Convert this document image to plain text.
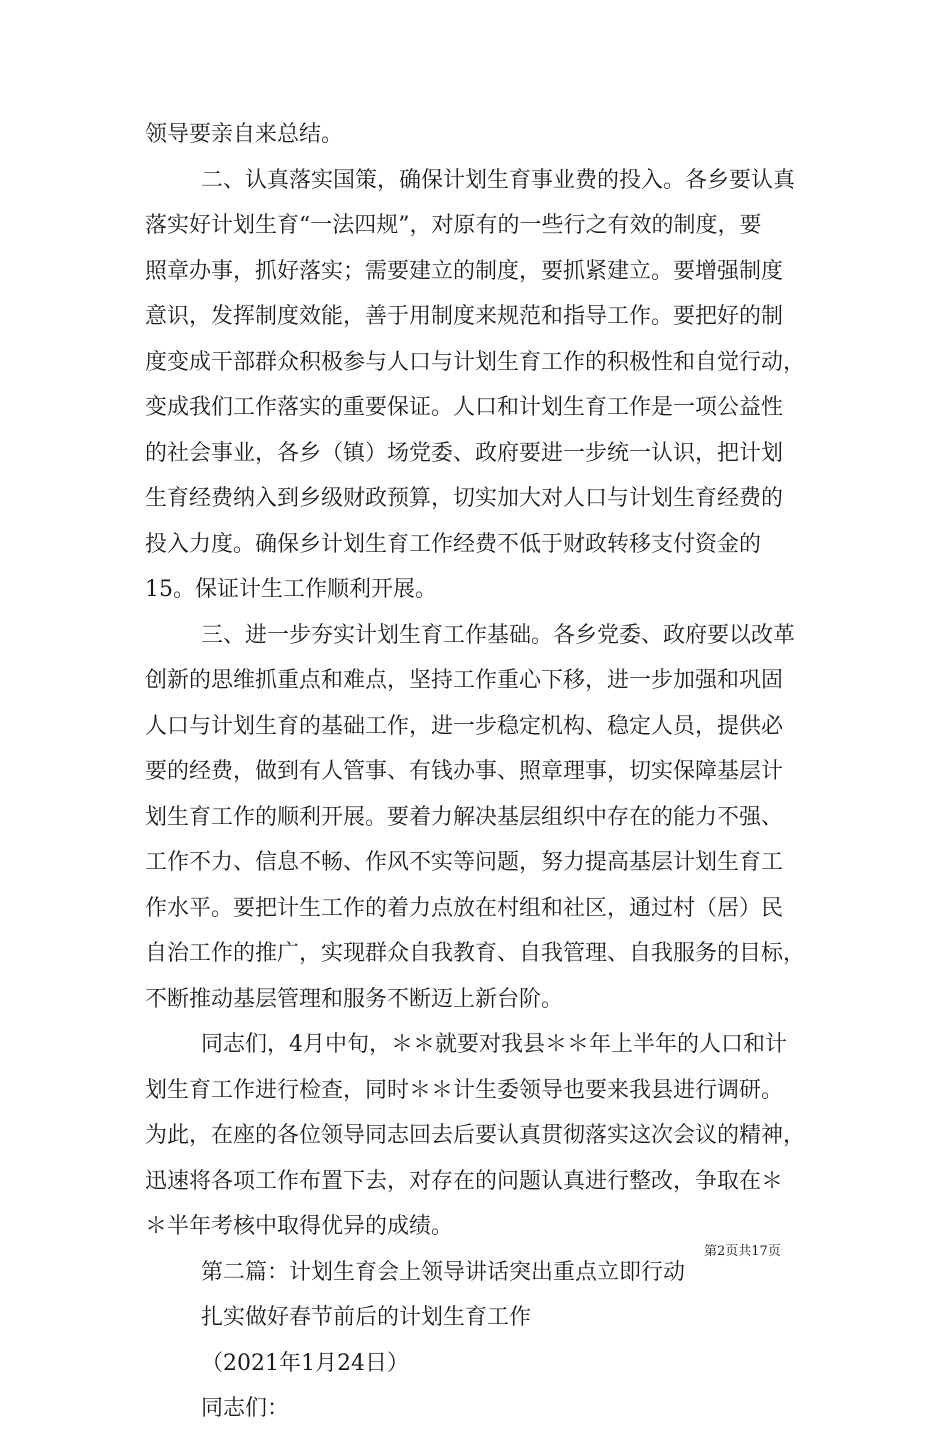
领导要亲自来总结。
二、认真落实国策，确保计划生育事业费的投入。各乡要认真
落实好计划生育“一法四规”，对原有的一些行之有效的制度，要
照章办事，抓好落实；需要建立的制度，要抓紧建立。要增强制度
意识，发挥制度效能，善于用制度来规范和指导工作。要把好的制
度变成干部群众积极参与人口与计划生育工作的积极性和自觉行动，
变成我们工作落实的重要保证。人口和计划生育工作是一项公益性
的社会事业，各乡（镇）场党委、政府要进一步统一认识，把计划
生育经费纳入到乡级财政预算，切实加大对人口与计划生育经费的
投入力度。确保乡计划生育工作经费不低于财政转移支付资金的
15。保证计生工作顺利开展。
三、进一步夯实计划生育工作基础。各乡党委、政府要以改革
创新的思维抓重点和难点，坚持工作重心下移，进一步加强和巩固
人口与计划生育的基础工作，进一步稳定机构、稳定人员，提供必
要的经费，做到有人管事、有钱办事、照章理事，切实保障基层计
划生育工作的顺利开展。要着力解决基层组织中存在的能力不强、
工作不力、信息不畅、作风不实等问题，努力提高基层计划生育工
作水平。要把计生工作的着力点放在村组和社区，通过村（居）民
自治工作的推广，实现群众自我教育、自我管理、自我服务的目标，
不断推动基层管理和服务不断迈上新台阶。
同志们，4月中旬，＊＊就要对我县＊＊年上半年的人口和计
划生育工作进行检查，同时＊＊计生委领导也要来我县进行调研。
为此，在座的各位领导同志回去后要认真贯彻落实这次会议的精神，
迅速将各项工作布置下去，对存在的问题认真进行整改，争取在＊
＊半年考核中取得优异的成绩。
第二篇：计划生育会上领导讲话突出重点立即行动
扎实做好春节前后的计划生育工作
（2021年1月24日）
同志们：
第2页共17页
